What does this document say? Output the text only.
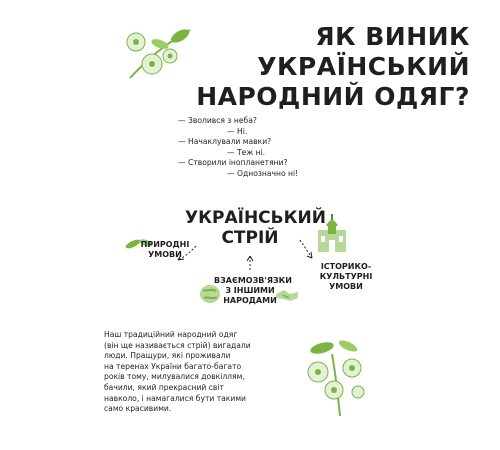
ЯК ВИНИК
УКРАЇНСЬКИЙ
НАРОДНИЙ ОДЯГ?
— Зволився з неба?
— Ні.
— Начаклували мавки?
— Теж ні.
— Створили інопланетяни?
— Однозначно ні!
УКРАЇНСЬКИЙ
СТРІЙ
ПРИРОДНІ
УМОВИ
ІСТОРИКО-
КУЛЬТУРНІ
УМОВИ
ВЗАЄМОЗВ'ЯЗКИ
З ІНШИМИ
НАРОДАМИ
Наш традиційний народний одяг
(він ще називається стрій) вигадали
люди. Пращури, які проживали
на теренах України багато-багато
років тому, милувалися довкіллям,
бачили, який прекрасний світ
навколо, і намагалися бути такими
само красивими.
